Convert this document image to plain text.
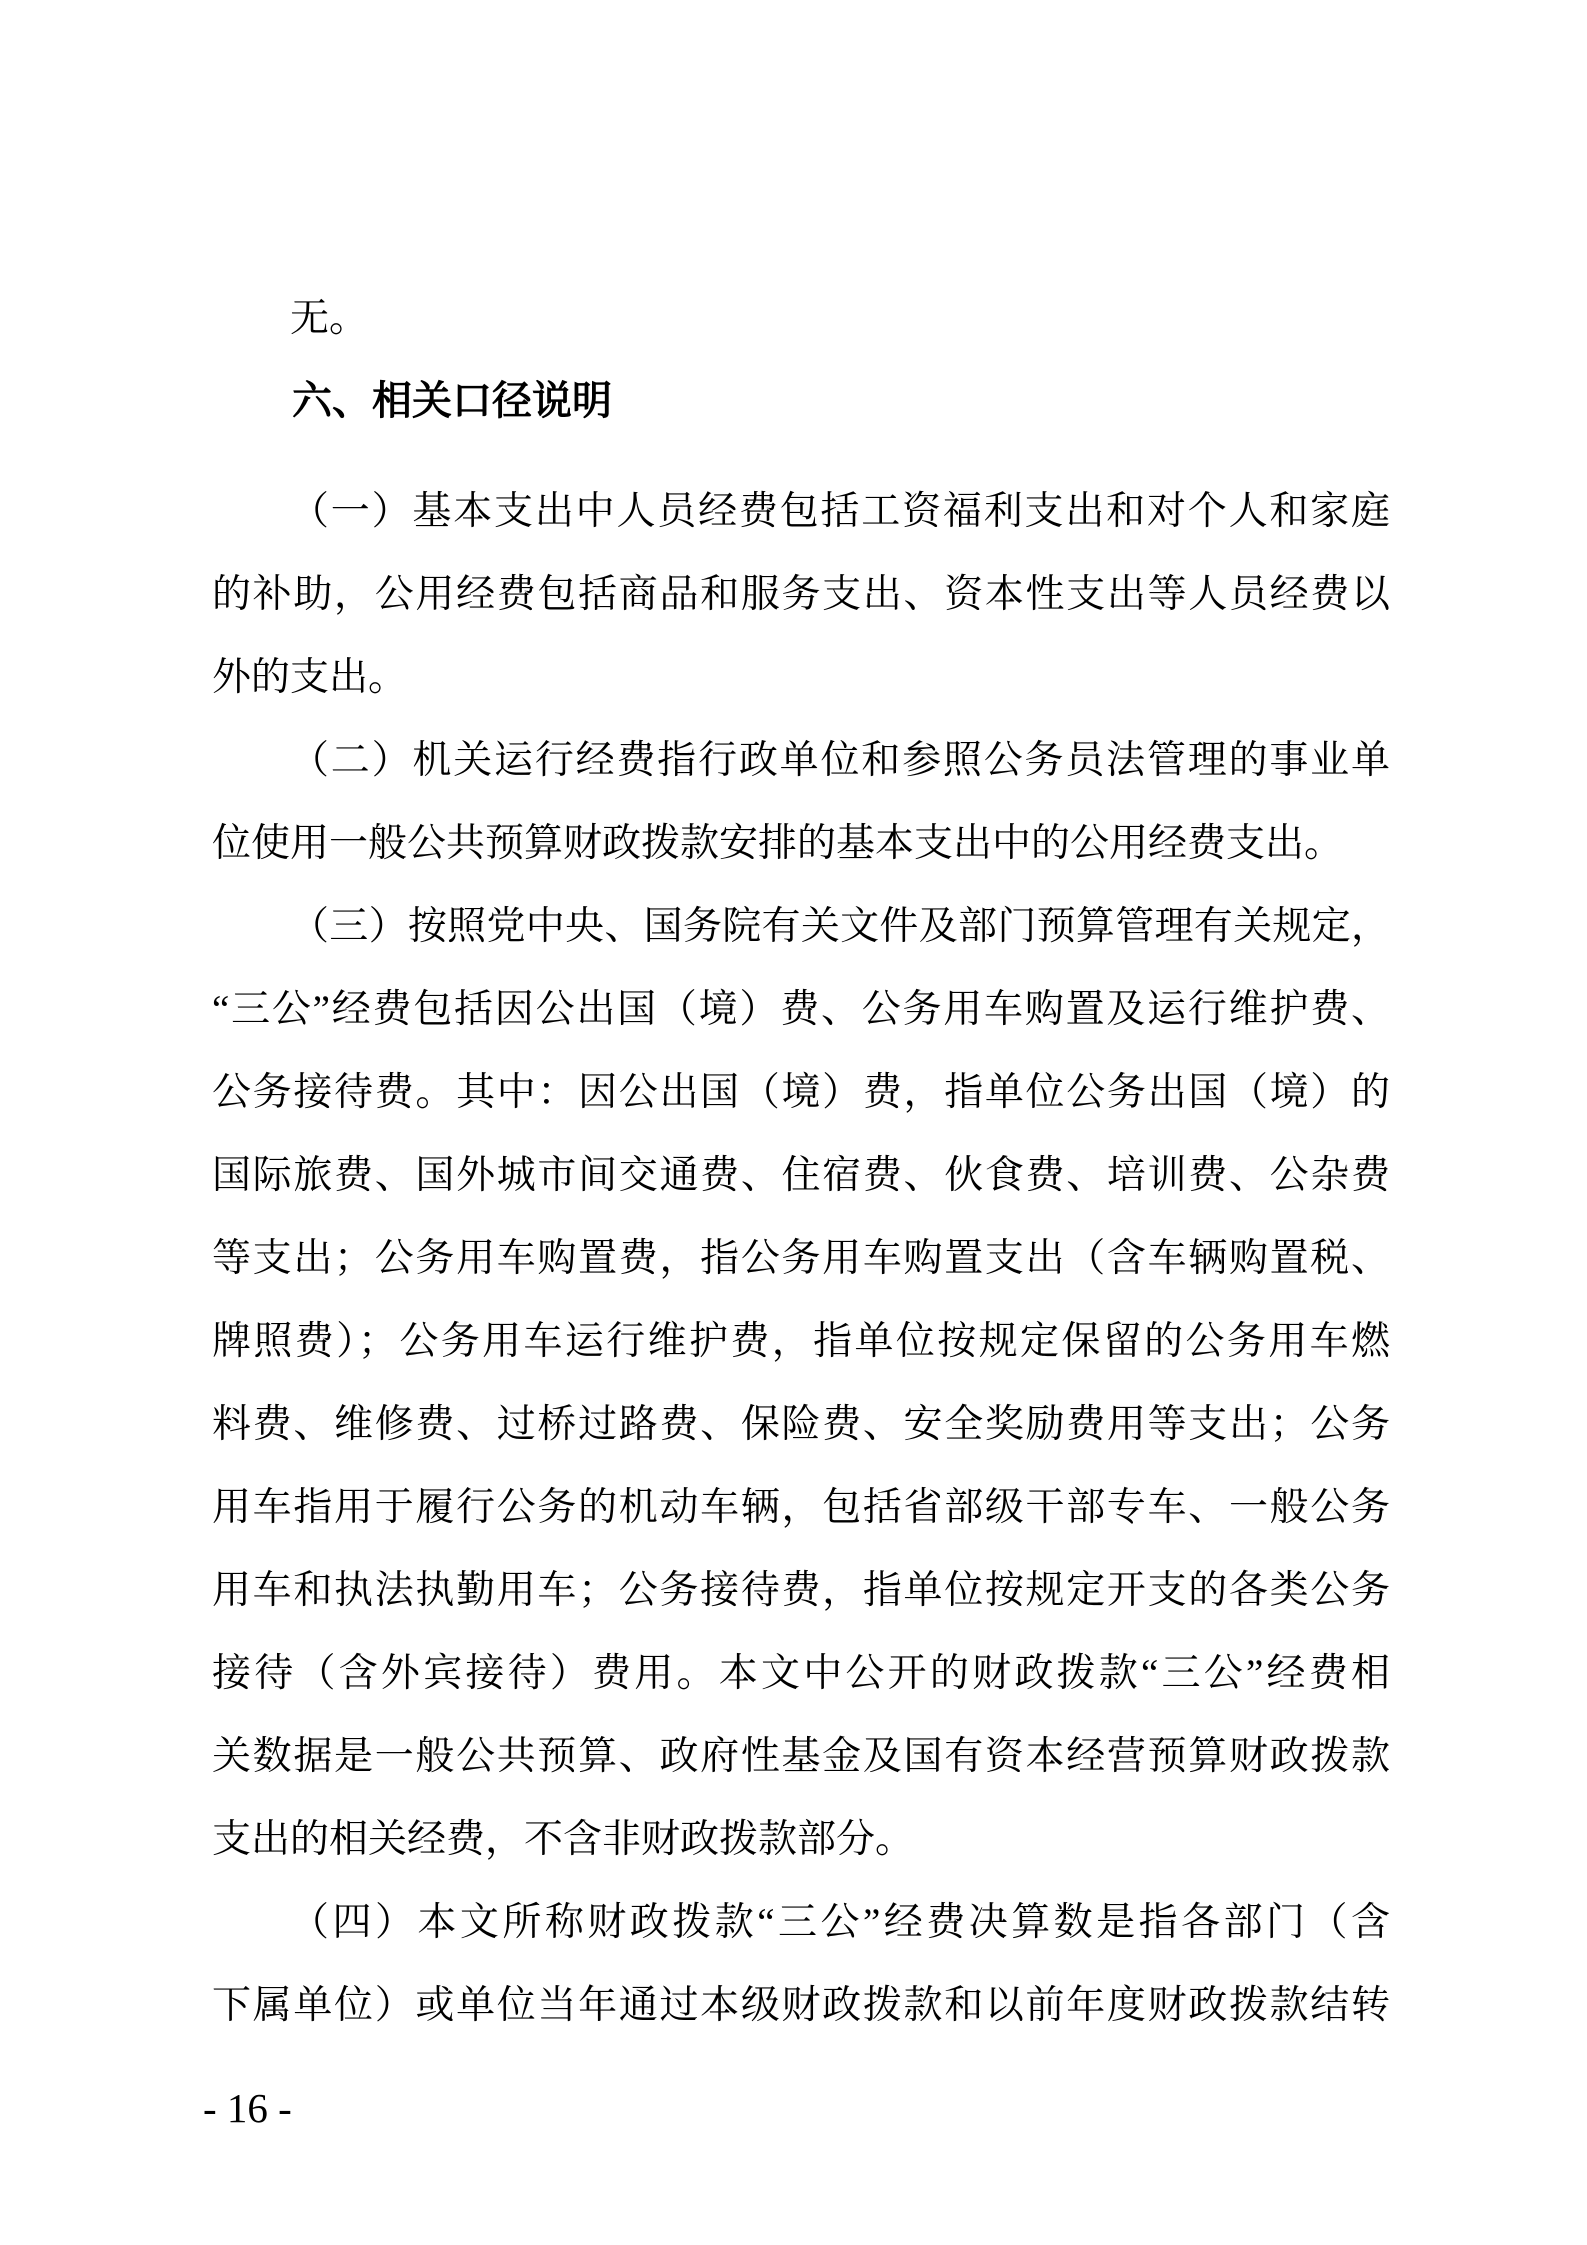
无。

六、相关口径说明

（一）基本支出中人员经费包括工资福利支出和对个人和家庭

的补助，公用经费包括商品和服务支出、资本性支出等人员经费以

外的支出。

（二）机关运行经费指行政单位和参照公务员法管理的事业单

位使用一般公共预算财政拨款安排的基本支出中的公用经费支出。

（三）按照党中央、国务院有关文件及部门预算管理有关规定，

“三公”经费包括因公出国（境）费、公务用车购置及运行维护费、

公务接待费。其中：因公出国（境）费，指单位公务出国（境）的

国际旅费、国外城市间交通费、住宿费、伙食费、培训费、公杂费

等支出；公务用车购置费，指公务用车购置支出（含车辆购置税、

牌照费）；公务用车运行维护费，指单位按规定保留的公务用车燃

料费、维修费、过桥过路费、保险费、安全奖励费用等支出；公务

用车指用于履行公务的机动车辆，包括省部级干部专车、一般公务

用车和执法执勤用车；公务接待费，指单位按规定开支的各类公务

接待（含外宾接待）费用。本文中公开的财政拨款“三公”经费相

关数据是一般公共预算、政府性基金及国有资本经营预算财政拨款

支出的相关经费，不含非财政拨款部分。

（四）本文所称财政拨款“三公”经费决算数是指各部门（含

下属单位）或单位当年通过本级财政拨款和以前年度财政拨款结转

- 16 -
